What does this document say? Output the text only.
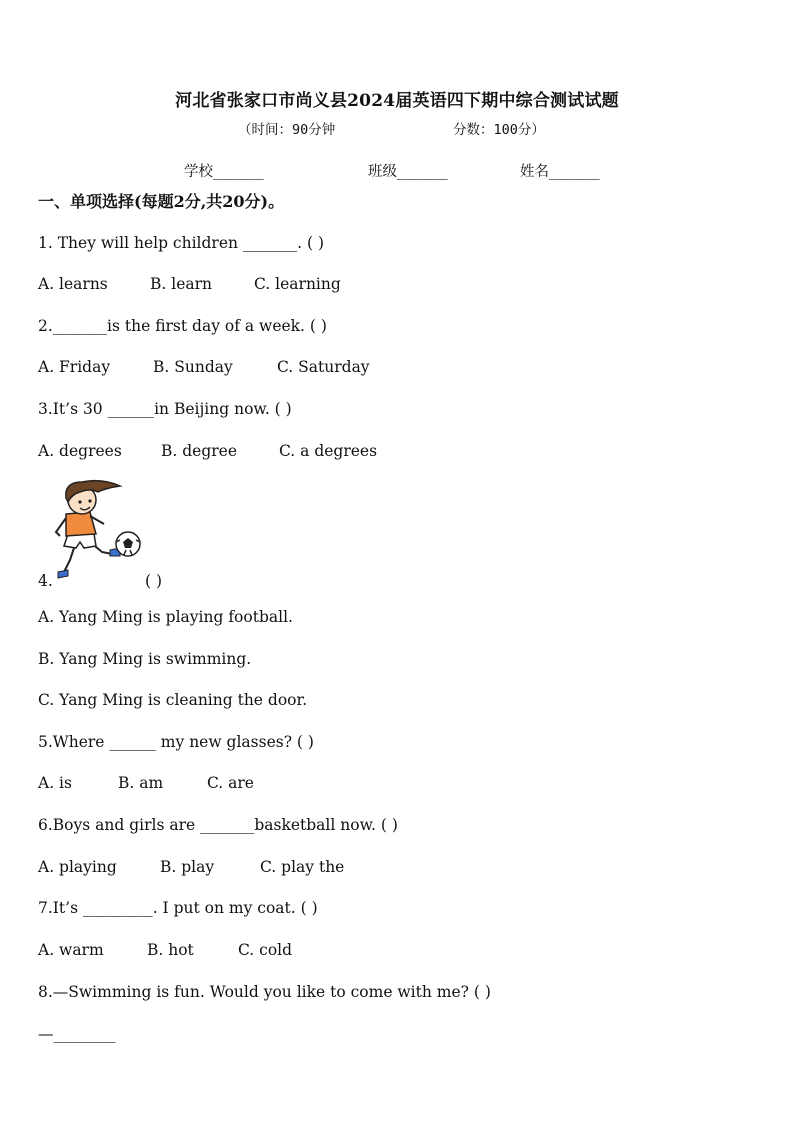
河北省张家口市尚义县2024届英语四下期中综合测试试题
（时间：90分钟	分数：100分）
学校_______	班级_______	姓名_______
一、单项选择(每题2分,共20分)。
1. They will help children _______. ( )
A. learns	B. learn	C. learning
2._______is the first day of a week. ( )
A. Friday	B. Sunday	C. Saturday
3.It’s 30 ______in Beijing now. ( )
A. degrees	B. degree	C. a degrees
4.	( )
A. Yang Ming is playing football.
B. Yang Ming is swimming.
C. Yang Ming is cleaning the door.
5.Where ______ my new glasses? ( )
A. is	B. am	C. are
6.Boys and girls are _______basketball now. ( )
A. playing	B. play	C. play the
7.It’s _________. I put on my coat. ( )
A. warm	B. hot	C. cold
8.—Swimming is fun. Would you like to come with me? ( )
—________
